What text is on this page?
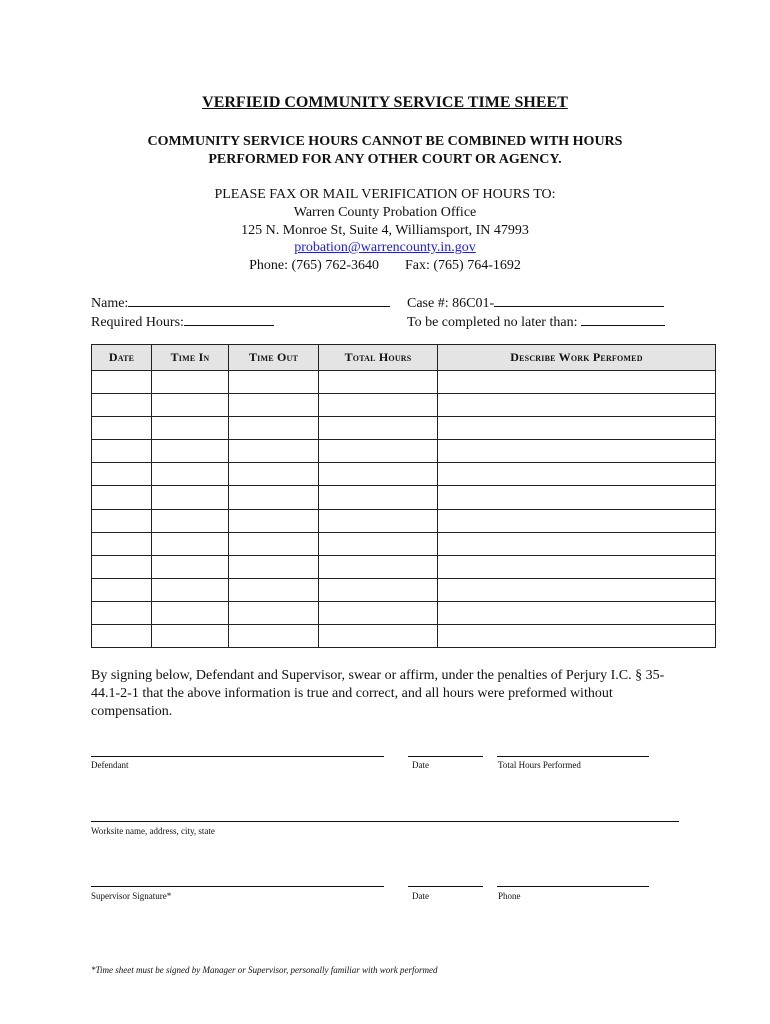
VERFIEID COMMUNITY SERVICE TIME SHEET
COMMUNITY SERVICE HOURS CANNOT BE COMBINED WITH HOURS
PERFORMED FOR ANY OTHER COURT OR AGENCY.
PLEASE FAX OR MAIL VERIFICATION OF HOURS TO:
Warren County Probation Office
125 N. Monroe St, Suite 4, Williamsport, IN 47993
probation@warrencounty.in.gov
Phone: (765) 762-3640 Fax: (765) 764-1692
Name:	Case #: 86C01-
Required Hours:	To be completed no later than:
Date	Time In	Time Out	Total Hours	Describe Work Perfomed

By signing below, Defendant and Supervisor, swear or affirm, under the penalties of Perjury I.C. § 35-44.1-2-1 that the above information is true and correct, and all hours were preformed without compensation.
Defendant	Date	Total Hours Performed
Worksite name, address, city, state
Supervisor Signature*	Date	Phone
*Time sheet must be signed by Manager or Supervisor, personally familiar with work performed
